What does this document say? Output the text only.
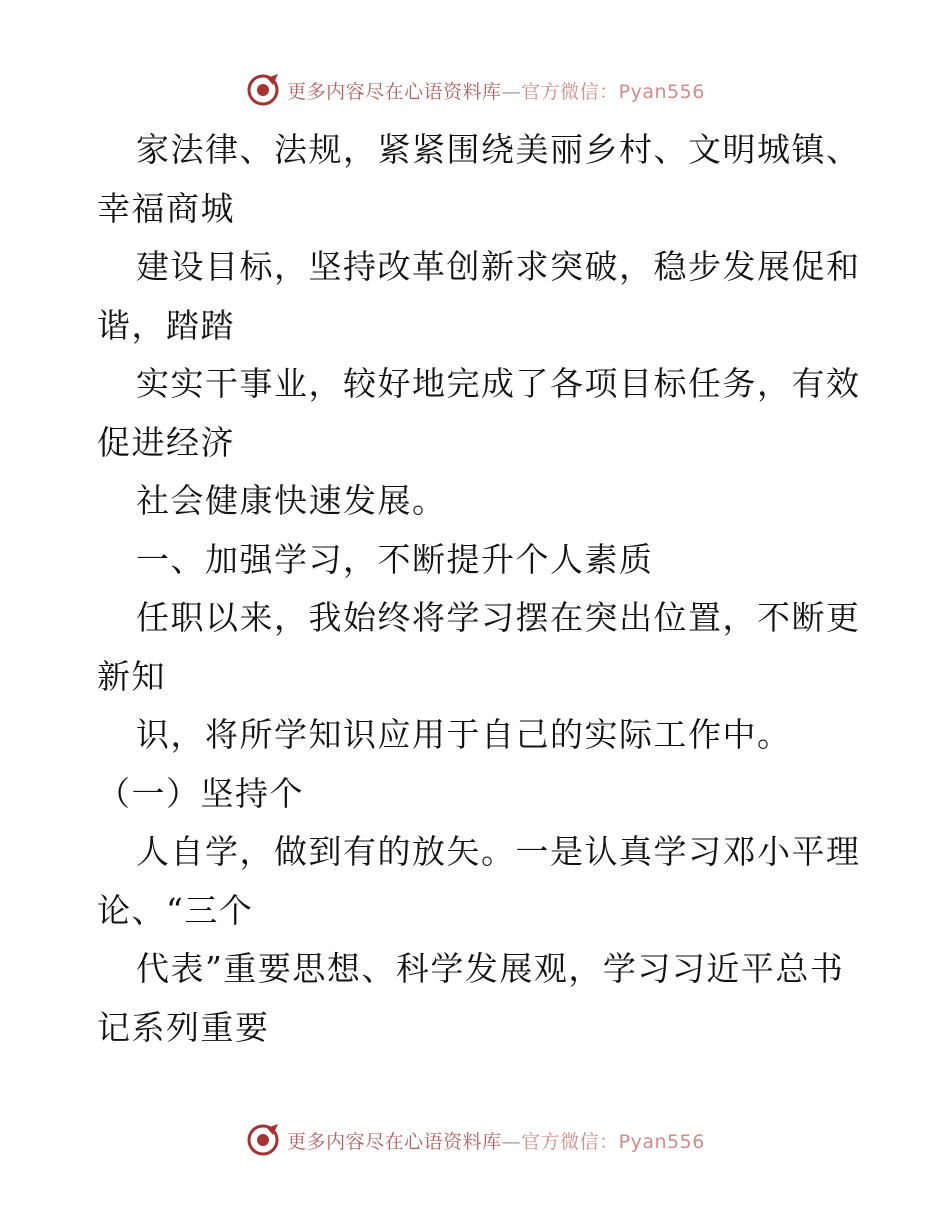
更多内容尽在心语资料库—官方微信：Pyan556
家法律、法规，紧紧围绕美丽乡村、文明城镇、
幸福商城
建设目标，坚持改革创新求突破，稳步发展促和
谐，踏踏
实实干事业，较好地完成了各项目标任务，有效
促进经济
社会健康快速发展。
一、加强学习，不断提升个人素质
任职以来，我始终将学习摆在突出位置，不断更
新知
识，将所学知识应用于自己的实际工作中。
（一）坚持个
人自学，做到有的放矢。一是认真学习邓小平理
论、“三个
代表”重要思想、科学发展观，学习习近平总书
记系列重要
更多内容尽在心语资料库—官方微信：Pyan556
